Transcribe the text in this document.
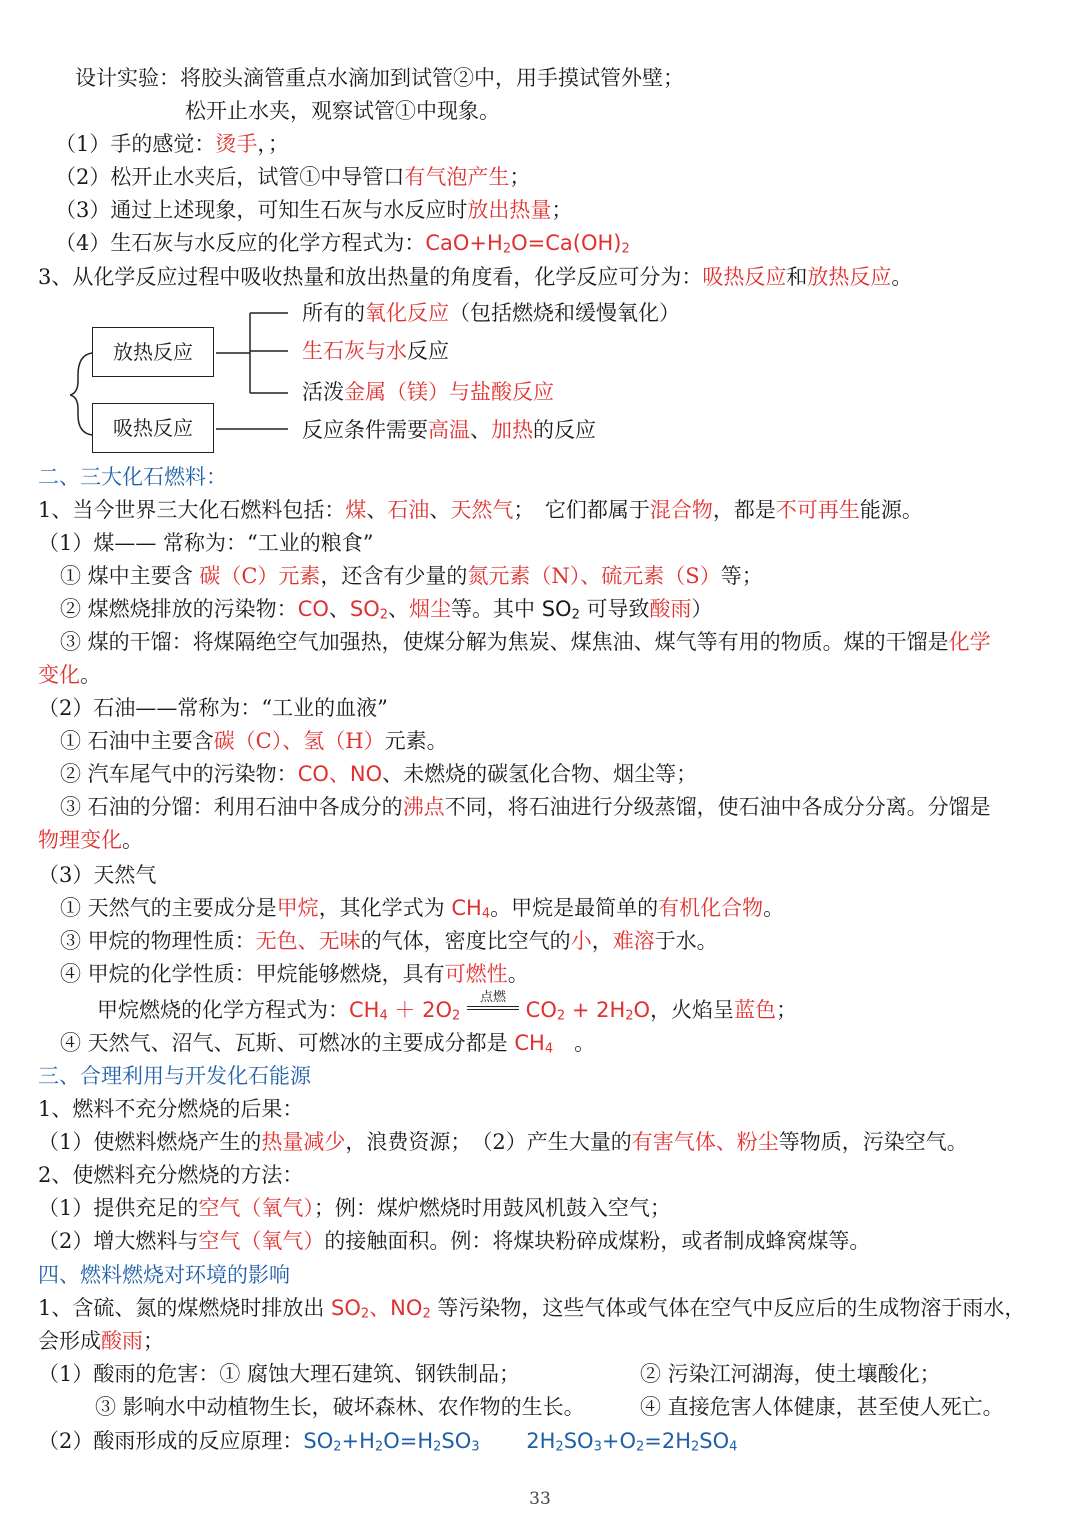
设计实验：将胶头滴管重点水滴加到试管②中，用手摸试管外壁；
松开止水夹，观察试管①中现象。
（1）手的感觉：烫手，；
（2）松开止水夹后，试管①中导管口有气泡产生；
（3）通过上述现象，可知生石灰与水反应时放出热量；
（4）生石灰与水反应的化学方程式为：$CaO+H_2O=Ca(OH)_2$
3、从化学反应过程中吸收热量和放出热量的角度看，化学反应可分为：吸热反应和放热反应。
放热反应
吸热反应
所有的氧化反应（包括燃烧和缓慢氧化）
生石灰与水反应
活泼金属（镁）与盐酸反应
反应条件需要高温、加热的反应
二、三大化石燃料：
1、当今世界三大化石燃料包括：煤、石油、天然气；　它们都属于混合物，都是不可再生能源。
（1）煤—— 常称为：“工业的粮食”
① 煤中主要含 碳（C）元素，还含有少量的氮元素（N）、硫元素（S）等；
② 煤燃烧排放的污染物：CO、$SO_2$、烟尘等。其中 $SO_2$ 可导致酸雨）
③ 煤的干馏：将煤隔绝空气加强热，使煤分解为焦炭、煤焦油、煤气等有用的物质。煤的干馏是化学
变化。
（2）石油——常称为：“工业的血液”
① 石油中主要含碳（C）、氢（H）元素。
② 汽车尾气中的污染物：CO、NO、未燃烧的碳氢化合物、烟尘等；
③ 石油的分馏：利用石油中各成分的沸点不同，将石油进行分级蒸馏，使石油中各成分分离。分馏是
物理变化。
（3）天然气
① 天然气的主要成分是甲烷，其化学式为 $CH_4$。甲烷是最简单的有机化合物。
③ 甲烷的物理性质：无色、无味的气体，密度比空气的小，难溶于水。
④ 甲烷的化学性质：甲烷能够燃烧，具有可燃性。
甲烷燃烧的化学方程式为：$CH_4 + 2O_2$ 点燃
$CO_2 + 2H_2O$，火焰呈蓝色；
④ 天然气、沼气、瓦斯、可燃冰的主要成分都是 $CH_4$　。
三、合理利用与开发化石能源
1、燃料不充分燃烧的后果：
（1）使燃料燃烧产生的热量减少，浪费资源；　（2）产生大量的有害气体、粉尘等物质，污染空气。
2、使燃料充分燃烧的方法：
（1）提供充足的空气（氧气）；例：煤炉燃烧时用鼓风机鼓入空气；
（2）增大燃料与空气（氧气）的接触面积。例：将煤块粉碎成煤粉，或者制成蜂窝煤等。
四、燃料燃烧对环境的影响
1、含硫、氮的煤燃烧时排放出 $SO_2$、$NO_2$ 等污染物，这些气体或气体在空气中反应后的生成物溶于雨水，
会形成酸雨；
（1）酸雨的危害：① 腐蚀大理石建筑、钢铁制品；	② 污染江河湖海，使土壤酸化；
③ 影响水中动植物生长，破坏森林、农作物的生长。	④ 直接危害人体健康，甚至使人死亡。
（2）酸雨形成的反应原理：$SO_2+H_2O=H_2SO_3$ $2H_2SO_3+O_2=2H_2SO_4$
33
